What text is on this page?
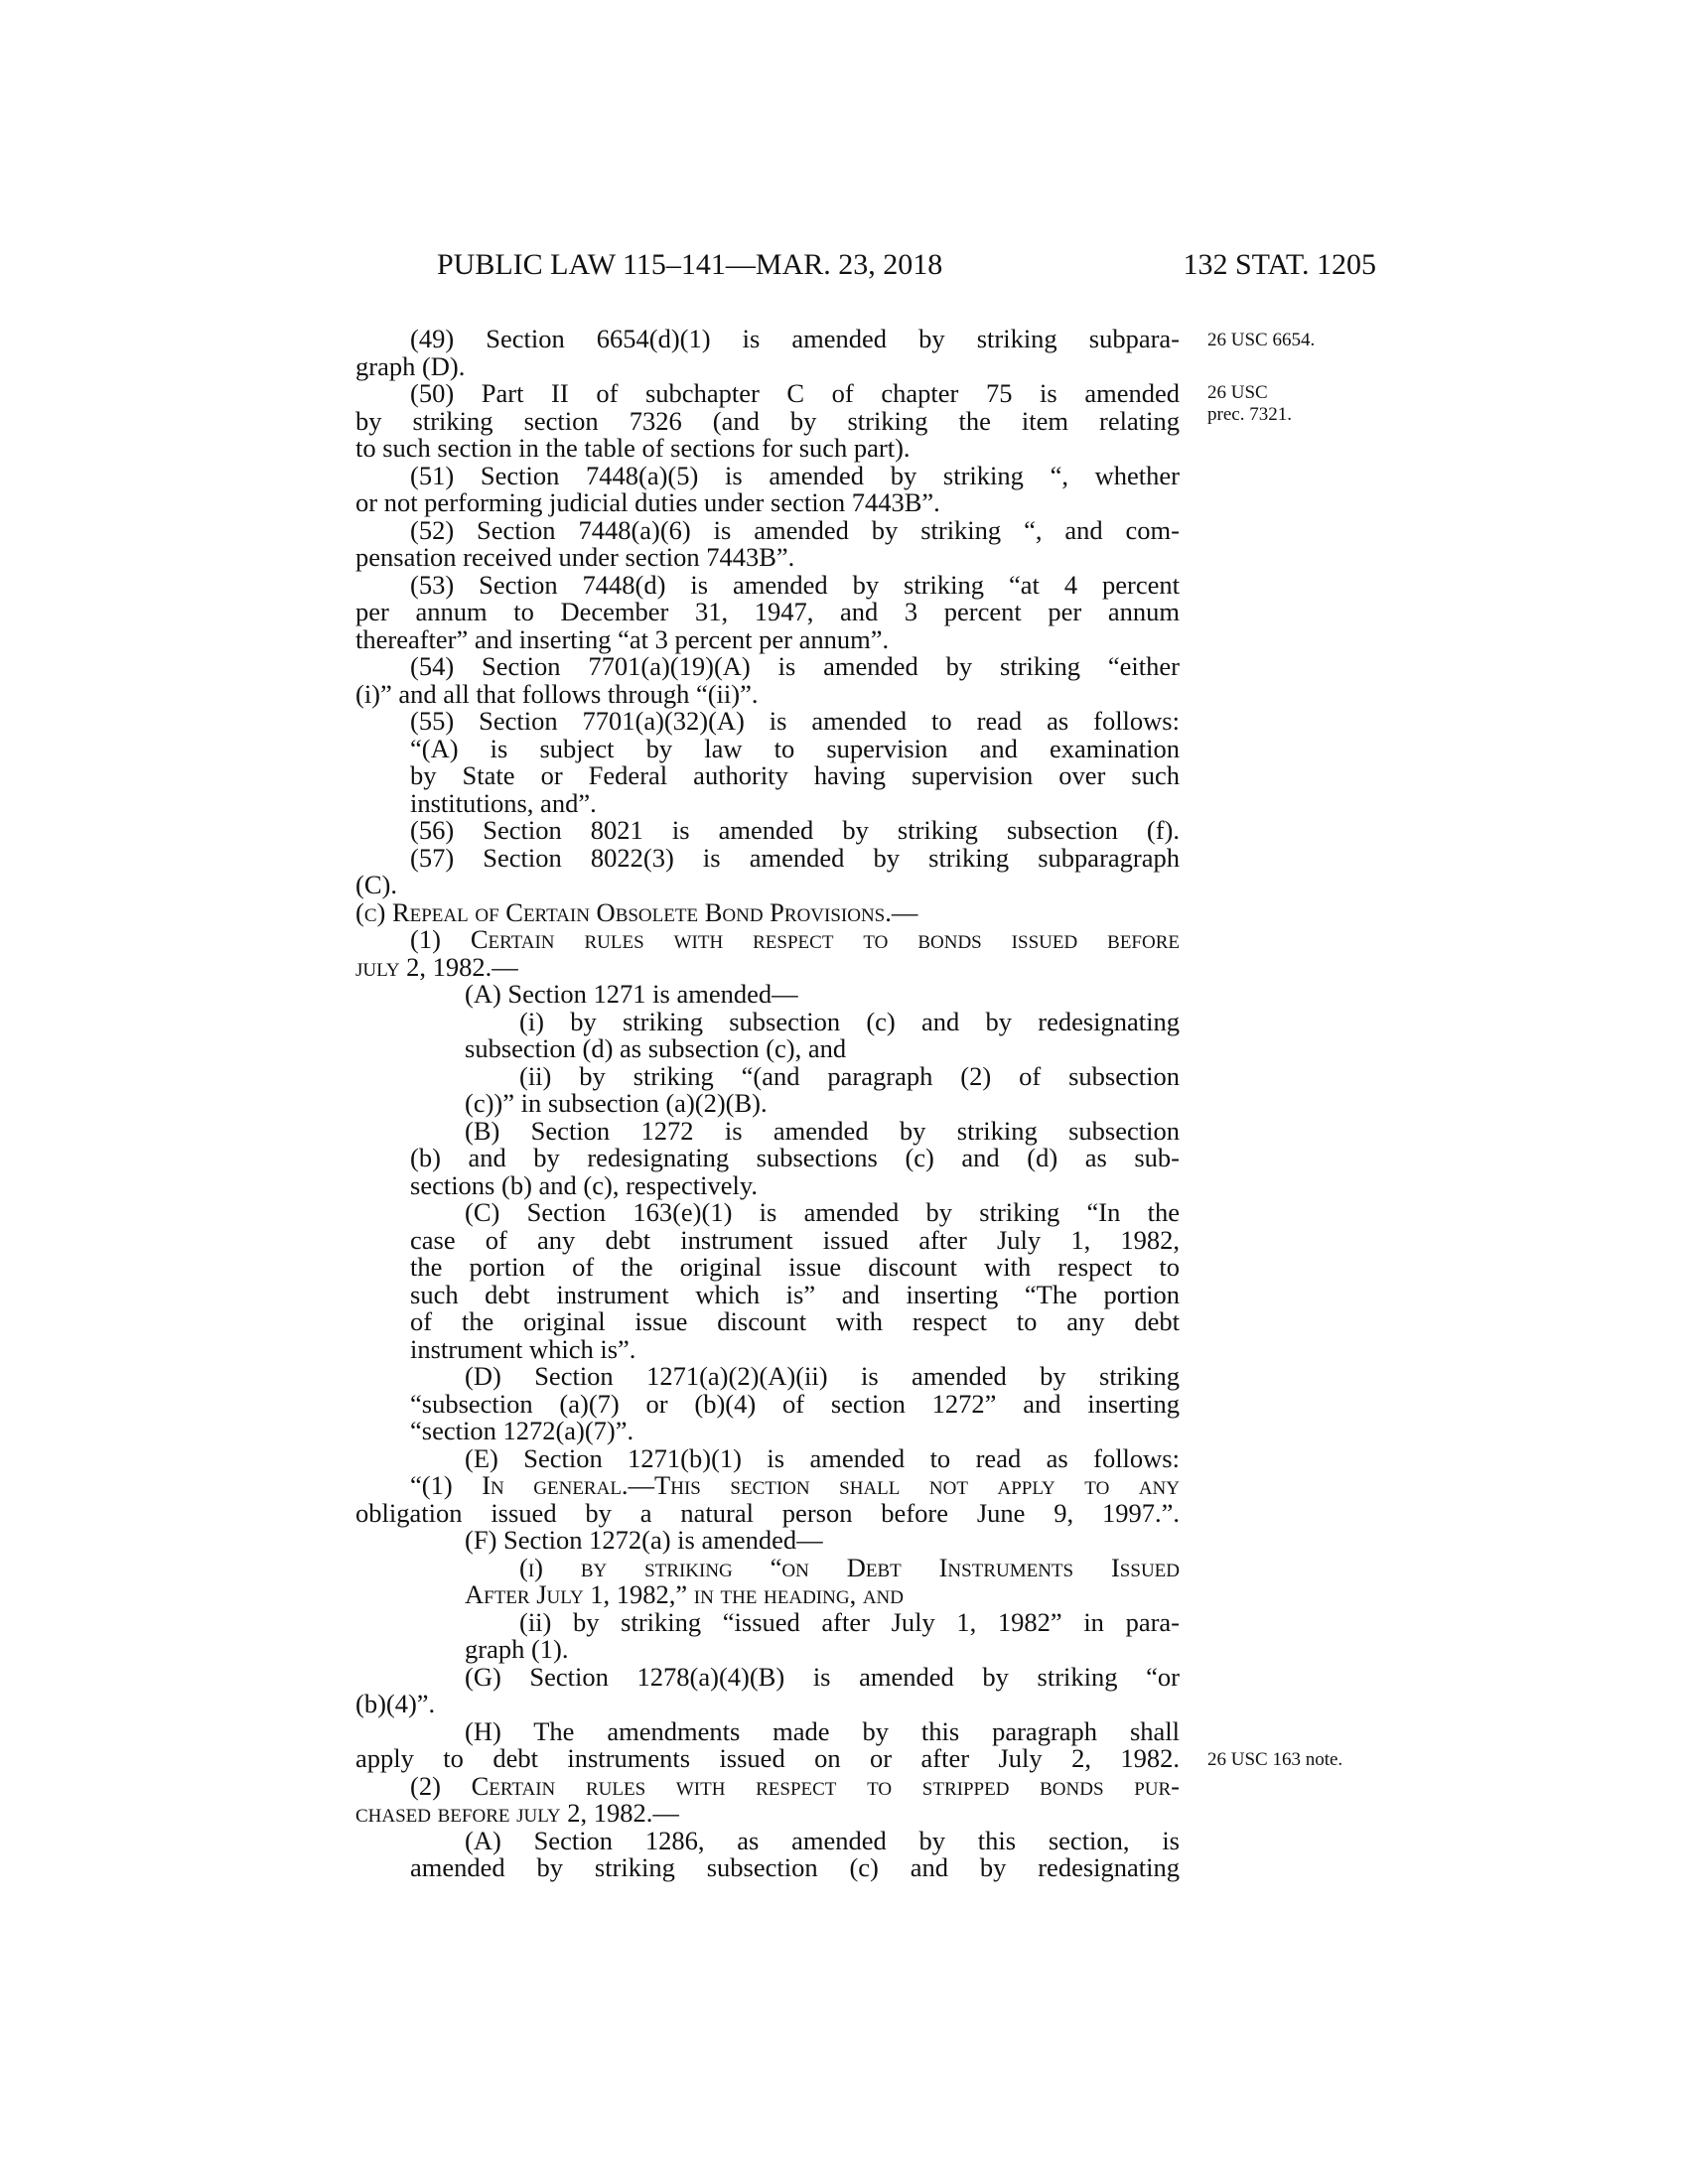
PUBLIC LAW 115–141—MAR. 23, 2018	132 STAT. 1205
26 USC 6654.
26 USC
prec. 7321.
26 USC 163 note.
(49) Section 6654(d)(1) is amended by striking subpara-
graph (D).
(50) Part II of subchapter C of chapter 75 is amended
by striking section 7326 (and by striking the item relating
to such section in the table of sections for such part).
(51) Section 7448(a)(5) is amended by striking “, whether
or not performing judicial duties under section 7443B”.
(52) Section 7448(a)(6) is amended by striking “, and com-
pensation received under section 7443B”.
(53) Section 7448(d) is amended by striking “at 4 percent
per annum to December 31, 1947, and 3 percent per annum
thereafter” and inserting “at 3 percent per annum”.
(54) Section 7701(a)(19)(A) is amended by striking “either
(i)” and all that follows through “(ii)”.
(55) Section 7701(a)(32)(A) is amended to read as follows:
“(A) is subject by law to supervision and examination
by State or Federal authority having supervision over such
institutions, and”.
(56) Section 8021 is amended by striking subsection (f).
(57) Section 8022(3) is amended by striking subparagraph
(C).
(c) Repeal of Certain Obsolete Bond Provisions.—
(1) Certain rules with respect to bonds issued before
july 2, 1982.—
(A) Section 1271 is amended—
(i) by striking subsection (c) and by redesignating
subsection (d) as subsection (c), and
(ii) by striking “(and paragraph (2) of subsection
(c))” in subsection (a)(2)(B).
(B) Section 1272 is amended by striking subsection
(b) and by redesignating subsections (c) and (d) as sub-
sections (b) and (c), respectively.
(C) Section 163(e)(1) is amended by striking “In the
case of any debt instrument issued after July 1, 1982,
the portion of the original issue discount with respect to
such debt instrument which is” and inserting “The portion
of the original issue discount with respect to any debt
instrument which is”.
(D) Section 1271(a)(2)(A)(ii) is amended by striking
“subsection (a)(7) or (b)(4) of section 1272” and inserting
“section 1272(a)(7)”.
(E) Section 1271(b)(1) is amended to read as follows:
“(1) In general.—This section shall not apply to any
obligation issued by a natural person before June 9, 1997.”.
(F) Section 1272(a) is amended—
(i) by striking “on Debt Instruments Issued
After July 1, 1982,” in the heading, and
(ii) by striking “issued after July 1, 1982” in para-
graph (1).
(G) Section 1278(a)(4)(B) is amended by striking “or
(b)(4)”.
(H) The amendments made by this paragraph shall
apply to debt instruments issued on or after July 2, 1982.
(2) Certain rules with respect to stripped bonds pur-
chased before july 2, 1982.—
(A) Section 1286, as amended by this section, is
amended by striking subsection (c) and by redesignating
